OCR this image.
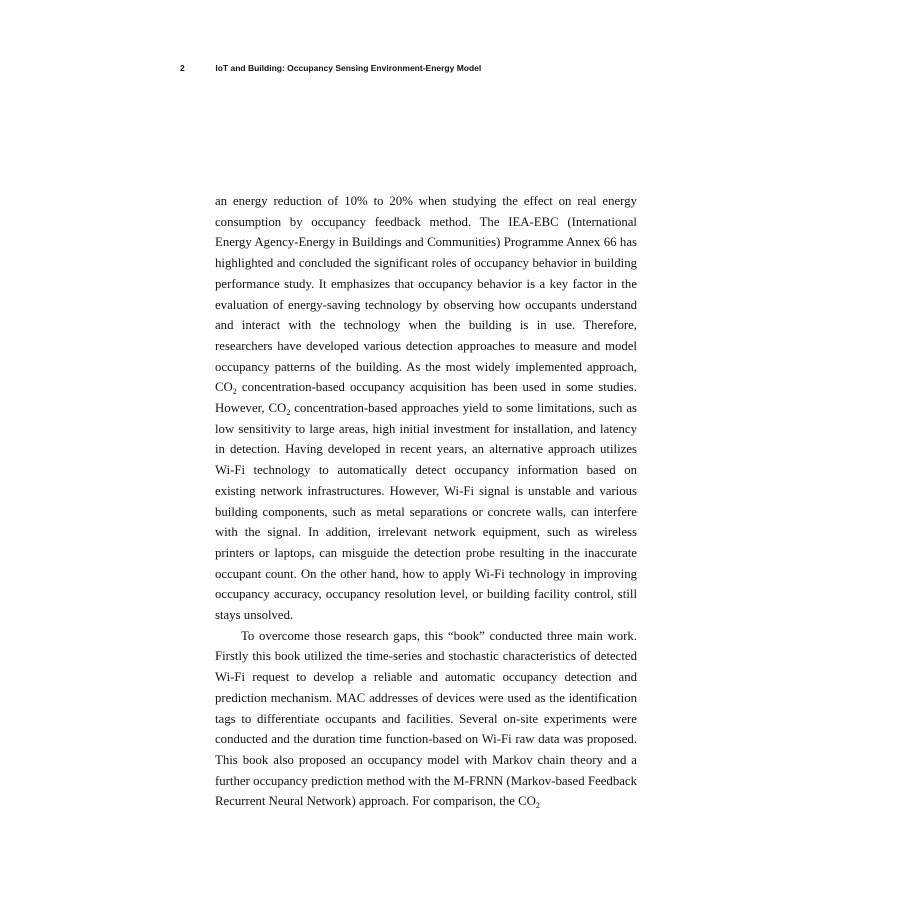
2	IoT and Building: Occupancy Sensing Environment-Energy Model

an energy reduction of 10% to 20% when studying the effect on real energy consumption by occupancy feedback method. The IEA-EBC (International Energy Agency-Energy in Buildings and Communities) Programme Annex 66 has highlighted and concluded the significant roles of occupancy behavior in building performance study. It emphasizes that occupancy behavior is a key factor in the evaluation of energy-saving technology by observing how occupants understand and interact with the technology when the building is in use. Therefore, researchers have developed various detection approaches to measure and model occupancy patterns of the building. As the most widely implemented approach, $CO_2$ concentration-based occupancy acquisition has been used in some studies. However, $CO_2$ concentration-based approaches yield to some limitations, such as low sensitivity to large areas, high initial investment for installation, and latency in detection. Having developed in recent years, an alternative approach utilizes Wi-Fi technology to automatically detect occupancy information based on existing network infrastructures. However, Wi-Fi signal is unstable and various building components, such as metal separations or concrete walls, can interfere with the signal. In addition, irrelevant network equipment, such as wireless printers or laptops, can misguide the detection probe resulting in the inaccurate occupant count. On the other hand, how to apply Wi-Fi technology in improving occupancy accuracy, occupancy resolution level, or building facility control, still stays unsolved.

To overcome those research gaps, this “book” conducted three main work. Firstly this book utilized the time-series and stochastic characteristics of detected Wi-Fi request to develop a reliable and automatic occupancy detection and prediction mechanism. MAC addresses of devices were used as the identification tags to differentiate occupants and facilities. Several on-site experiments were conducted and the duration time function-based on Wi-Fi raw data was proposed. This book also proposed an occupancy model with Markov chain theory and a further occupancy prediction method with the M-FRNN (Markov-based Feedback Recurrent Neural Network) approach. For comparison, the $CO_2$
